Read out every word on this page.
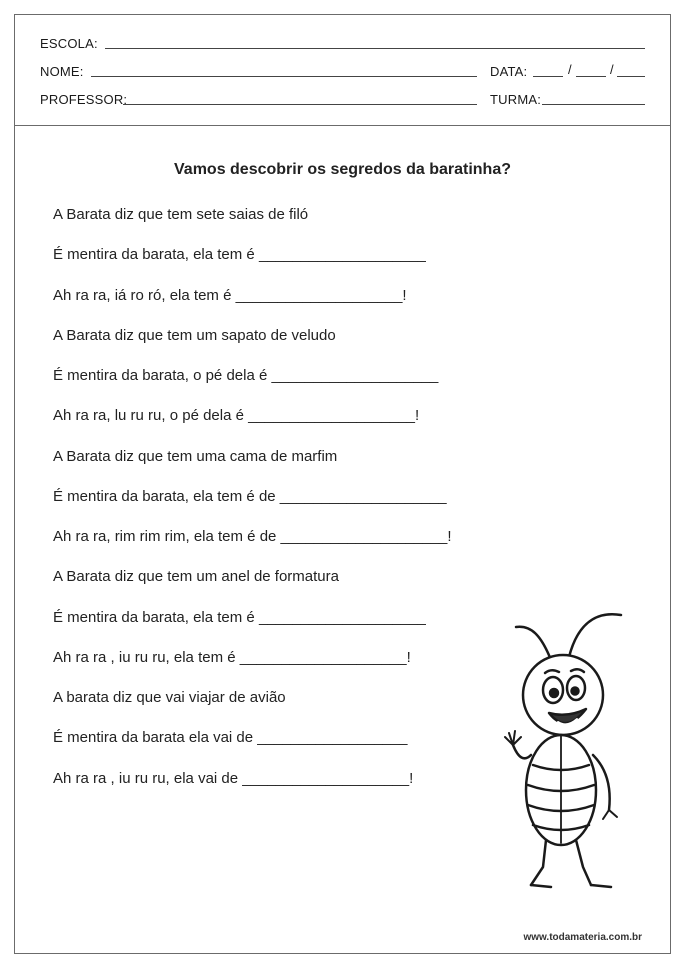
ESCOLA:
NOME:	DATA:	/	/
PROFESSOR:	TURMA:
Vamos descobrir os segredos da baratinha?
A Barata diz que tem sete saias de filó
É mentira da barata, ela tem é ____________________
Ah ra ra, iá ro ró, ela tem é ____________________!
A Barata diz que tem um sapato de veludo
É mentira da barata, o pé dela é ____________________
Ah ra ra, lu ru ru, o pé dela é ____________________!
A Barata diz que tem uma cama de marfim
É mentira da barata, ela tem é de ____________________
Ah ra ra, rim rim rim, ela tem é de ____________________!
A Barata diz que tem um anel de formatura
É mentira da barata, ela tem é ____________________
Ah ra ra , iu ru ru, ela tem é ____________________!
A barata diz que vai viajar de avião
É mentira da barata ela vai de __________________
Ah ra ra , iu ru ru, ela vai de ____________________!
www.todamateria.com.br
